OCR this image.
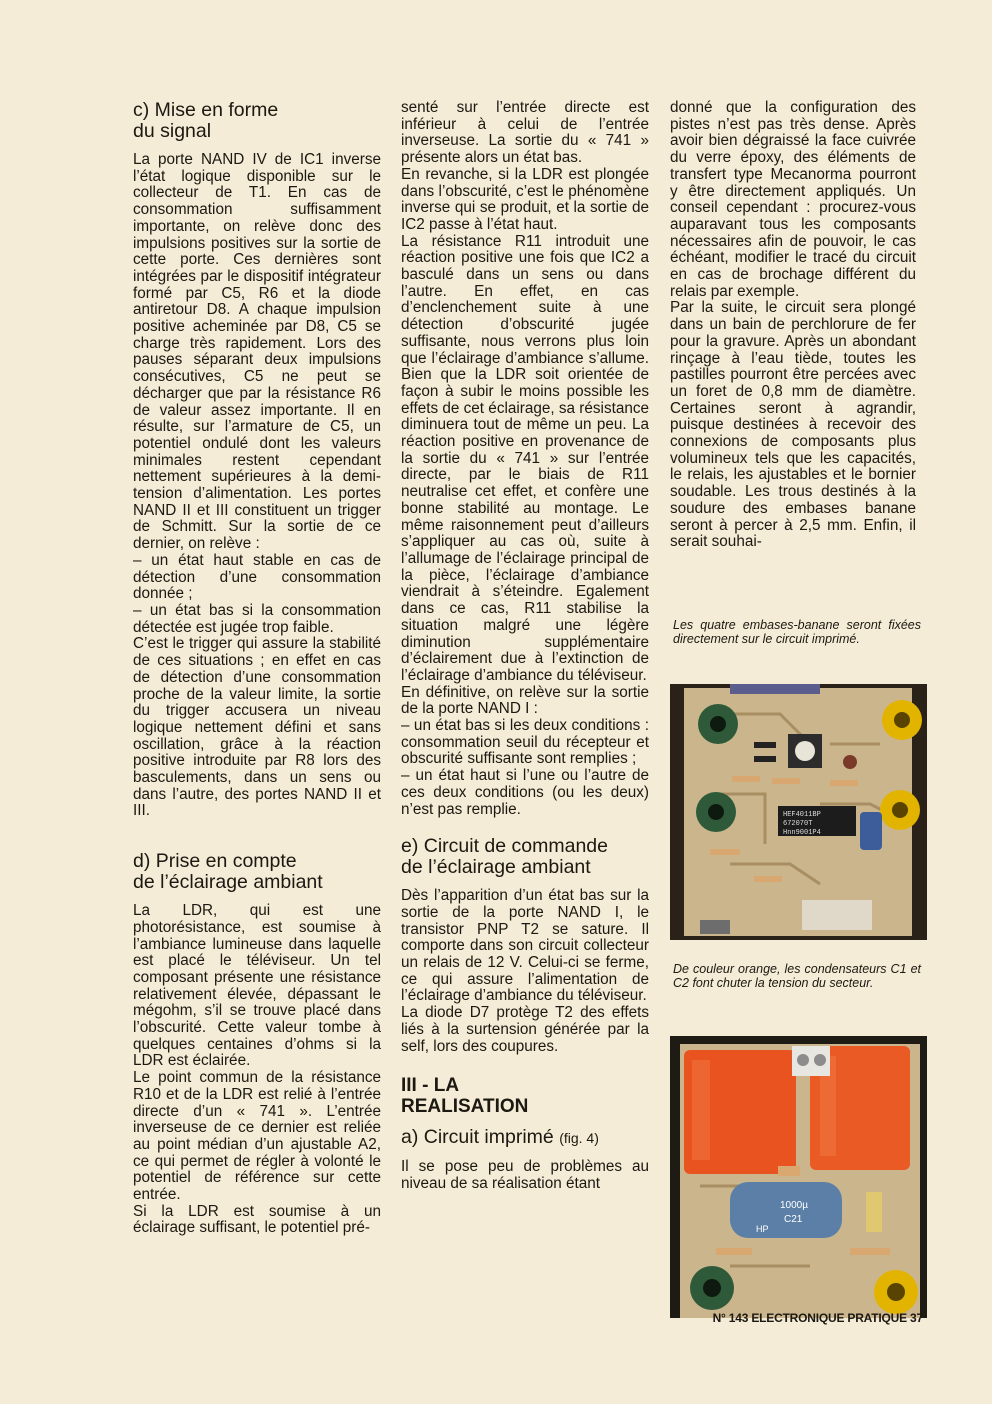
c) Mise en forme
du signal

La porte NAND IV de IC1 inverse l’état logique disponible sur le collecteur de T1. En cas de consommation suffisamment importante, on relève donc des impulsions positives sur la sortie de cette porte. Ces dernières sont intégrées par le dispositif intégrateur formé par C5, R6 et la diode antiretour D8. A chaque impulsion positive acheminée par D8, C5 se charge très rapidement. Lors des pauses séparant deux impulsions consécutives, C5 ne peut se décharger que par la résistance R6 de valeur assez importante. Il en résulte, sur l’armature de C5, un potentiel ondulé dont les valeurs minimales restent cependant nettement supérieures à la demi-tension d’alimentation. Les portes NAND II et III constituent un trigger de Schmitt. Sur la sortie de ce dernier, on relève :

– un état haut stable en cas de détection d’une consommation donnée ;

– un état bas si la consommation détectée est jugée trop faible.

C’est le trigger qui assure la stabilité de ces situations ; en effet en cas de détection d’une consommation proche de la valeur limite, la sortie du trigger accusera un niveau logique nettement défini et sans oscillation, grâce à la réaction positive introduite par R8 lors des basculements, dans un sens ou dans l’autre, des portes NAND II et III.

d) Prise en compte
de l’éclairage ambiant

La LDR, qui est une photorésistance, est soumise à l’ambiance lumineuse dans laquelle est placé le téléviseur. Un tel composant présente une résistance relativement élevée, dépassant le mégohm, s’il se trouve placé dans l’obscurité. Cette valeur tombe à quelques centaines d’ohms si la LDR est éclairée.

Le point commun de la résistance R10 et de la LDR est relié à l’entrée directe d’un « 741 ». L’entrée inverseuse de ce dernier est reliée au point médian d’un ajustable A2, ce qui permet de régler à volonté le potentiel de référence sur cette entrée.

Si la LDR est soumise à un éclairage suffisant, le potentiel pré-

senté sur l’entrée directe est inférieur à celui de l’entrée inverseuse. La sortie du « 741 » présente alors un état bas.

En revanche, si la LDR est plongée dans l’obscurité, c’est le phénomène inverse qui se produit, et la sortie de IC2 passe à l’état haut.

La résistance R11 introduit une réaction positive une fois que IC2 a basculé dans un sens ou dans l’autre. En effet, en cas d’enclenchement suite à une détection d’obscurité jugée suffisante, nous verrons plus loin que l’éclairage d’ambiance s’allume. Bien que la LDR soit orientée de façon à subir le moins possible les effets de cet éclairage, sa résistance diminuera tout de même un peu. La réaction positive en provenance de la sortie du « 741 » sur l’entrée directe, par le biais de R11 neutralise cet effet, et confère une bonne stabilité au montage. Le même raisonnement peut d’ailleurs s’appliquer au cas où, suite à l’allumage de l’éclairage principal de la pièce, l’éclairage d’ambiance viendrait à s’éteindre. Egalement dans ce cas, R11 stabilise la situation malgré une légère diminution supplémentaire d’éclairement due à l’extinction de l’éclairage d’ambiance du téléviseur.

En définitive, on relève sur la sortie de la porte NAND I :

– un état bas si les deux conditions : consommation seuil du récepteur et obscurité suffisante sont remplies ;

– un état haut si l’une ou l’autre de ces deux conditions (ou les deux) n’est pas remplie.

e) Circuit de commande
de l’éclairage ambiant

Dès l’apparition d’un état bas sur la sortie de la porte NAND I, le transistor PNP T2 se sature. Il comporte dans son circuit collecteur un relais de 12 V. Celui-ci se ferme, ce qui assure l’alimentation de l’éclairage d’ambiance du téléviseur.

La diode D7 protège T2 des effets liés à la surtension générée par la self, lors des coupures.

III - LA
REALISATION
a) Circuit imprimé (fig. 4)

Il se pose peu de problèmes au niveau de sa réalisation étant

donné que la configuration des pistes n’est pas très dense. Après avoir bien dégraissé la face cuivrée du verre époxy, des éléments de transfert type Mecanorma pourront y être directement appliqués. Un conseil cependant : procurez-vous auparavant tous les composants nécessaires afin de pouvoir, le cas échéant, modifier le tracé du circuit en cas de brochage différent du relais par exemple.

Par la suite, le circuit sera plongé dans un bain de perchlorure de fer pour la gravure. Après un abondant rinçage à l’eau tiède, toutes les pastilles pourront être percées avec un foret de 0,8 mm de diamètre. Certaines seront à agrandir, puisque destinées à recevoir des connexions de composants plus volumineux tels que les capacités, le relais, les ajustables et le bornier soudable. Les trous destinés à la soudure des embases banane seront à percer à 2,5 mm. Enfin, il serait souhai-

Les quatre embases-banane seront fixées directement sur le circuit imprimé.
HEF4011BP
672070T
Hnn9001P4
De couleur orange, les condensateurs C1 et C2 font chuter la tension du secteur.
1000µ
C21
HP
N° 143 ELECTRONIQUE PRATIQUE 37
